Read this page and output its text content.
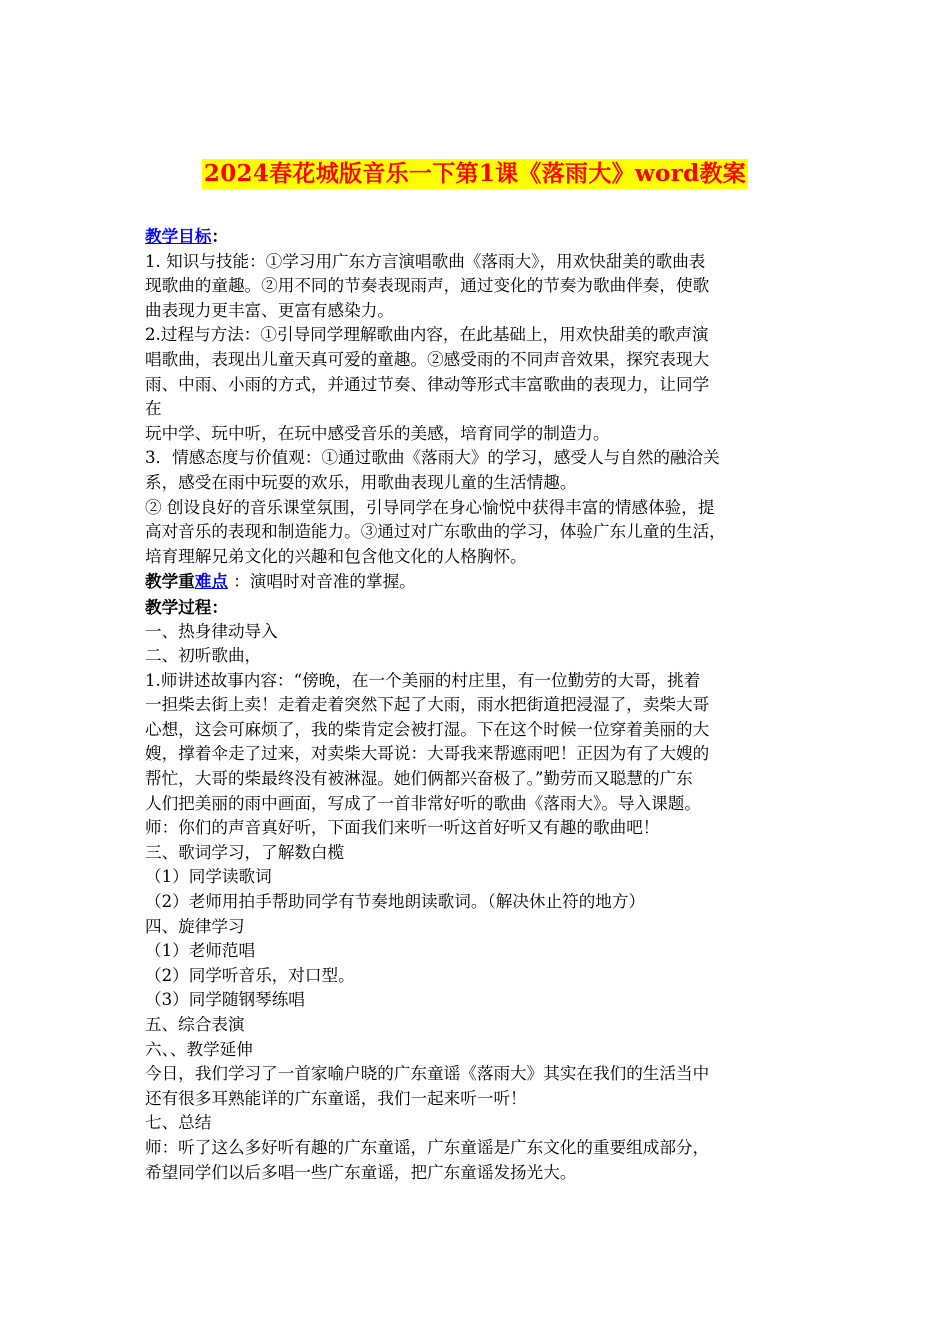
2024春花城版音乐一下第1课《落雨大》word教案

教学目标：

1. 知识与技能：①学习用广东方言演唱歌曲《落雨大》，用欢快甜美的歌曲表

现歌曲的童趣。②用不同的节奏表现雨声，通过变化的节奏为歌曲伴奏，使歌

曲表现力更丰富、更富有感染力。

2.过程与方法：①引导同学理解歌曲内容，在此基础上，用欢快甜美的歌声演

唱歌曲，表现出儿童天真可爱的童趣。②感受雨的不同声音效果，探究表现大

雨、中雨、小雨的方式，并通过节奏、律动等形式丰富歌曲的表现力，让同学

在

玩中学、玩中听，在玩中感受音乐的美感，培育同学的制造力。

3．情感态度与价值观：①通过歌曲《落雨大》的学习，感受人与自然的融洽关

系，感受在雨中玩耍的欢乐，用歌曲表现儿童的生活情趣。

② 创设良好的音乐课堂氛围，引导同学在身心愉悦中获得丰富的情感体验，提

高对音乐的表现和制造能力。③通过对广东歌曲的学习，体验广东儿童的生活，

培育理解兄弟文化的兴趣和包含他文化的人格胸怀。

教学重难点 ：演唱时对音准的掌握。

教学过程：

一、热身律动导入

二、初听歌曲，

1.师讲述故事内容：“傍晚，在一个美丽的村庄里，有一位勤劳的大哥，挑着

一担柴去街上卖！走着走着突然下起了大雨，雨水把街道把浸湿了，卖柴大哥

心想，这会可麻烦了，我的柴肯定会被打湿。下在这个时候一位穿着美丽的大

嫂，撑着伞走了过来，对卖柴大哥说：大哥我来帮遮雨吧！正因为有了大嫂的

帮忙，大哥的柴最终没有被淋湿。她们俩都兴奋极了。”勤劳而又聪慧的广东

人们把美丽的雨中画面，写成了一首非常好听的歌曲《落雨大》。导入课题。

师：你们的声音真好听，下面我们来听一听这首好听又有趣的歌曲吧！

三、歌词学习，了解数白榄

（1）同学读歌词

（2）老师用拍手帮助同学有节奏地朗读歌词。（解决休止符的地方）

四、旋律学习

（1）老师范唱

（2）同学听音乐，对口型。

（3）同学随钢琴练唱

五、综合表演

六、、教学延伸

今日，我们学习了一首家喻户晓的广东童谣《落雨大》其实在我们的生活当中

还有很多耳熟能详的广东童谣，我们一起来听一听！

七、总结

师：听了这么多好听有趣的广东童谣，广东童谣是广东文化的重要组成部分，

希望同学们以后多唱一些广东童谣，把广东童谣发扬光大。
